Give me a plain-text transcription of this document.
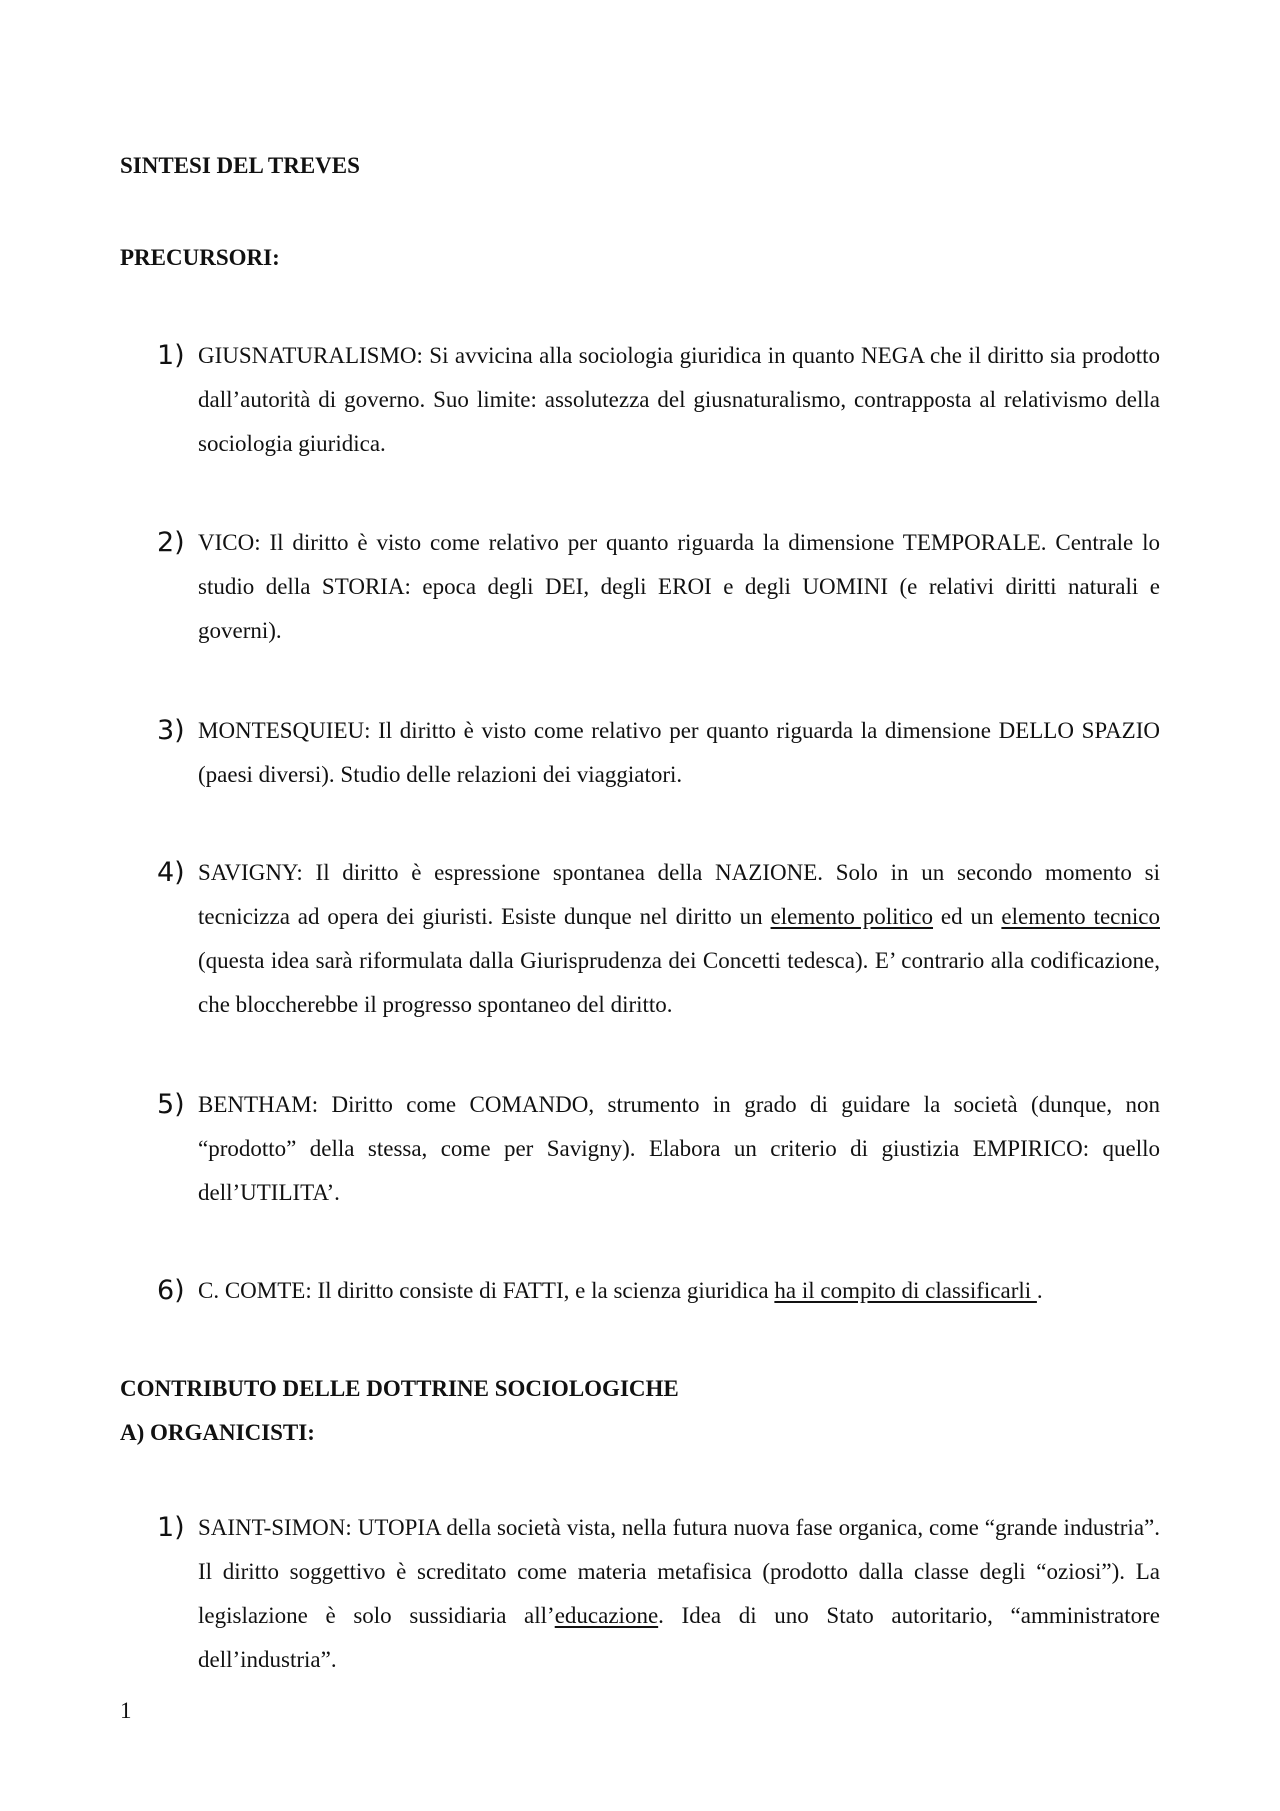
SINTESI DEL TREVES
PRECURSORI:
1) GIUSNATURALISMO: Si avvicina alla sociologia giuridica in quanto NEGA che il diritto sia prodotto dall’autorità di governo. Suo limite: assolutezza del giusnaturalismo, contrapposta al relativismo della sociologia giuridica.
2) VICO: Il diritto è visto come relativo per quanto riguarda la dimensione TEMPORALE. Centrale lo studio della STORIA: epoca degli DEI, degli EROI e degli UOMINI (e relativi diritti naturali e governi).
3) MONTESQUIEU: Il diritto è visto come relativo per quanto riguarda la dimensione DELLO SPAZIO (paesi diversi). Studio delle relazioni dei viaggiatori.
4) SAVIGNY: Il diritto è espressione spontanea della NAZIONE. Solo in un secondo momento si tecnicizza ad opera dei giuristi. Esiste dunque nel diritto un elemento politico ed un elemento tecnico (questa idea sarà riformulata dalla Giurisprudenza dei Concetti tedesca). E’ contrario alla codificazione, che bloccherebbe il progresso spontaneo del diritto.
5) BENTHAM: Diritto come COMANDO, strumento in grado di guidare la società (dunque, non “prodotto” della stessa, come per Savigny). Elabora un criterio di giustizia EMPIRICO: quello dell’UTILITA’.
6) C. COMTE: Il diritto consiste di FATTI, e la scienza giuridica ha il compito di classificarli .
CONTRIBUTO DELLE DOTTRINE SOCIOLOGICHE
A) ORGANICISTI:
1) SAINT-SIMON: UTOPIA della società vista, nella futura nuova fase organica, come “grande industria”. Il diritto soggettivo è screditato come materia metafisica (prodotto dalla classe degli “oziosi”). La legislazione è solo sussidiaria all’educazione. Idea di uno Stato autoritario, “amministratore dell’industria”.
1
